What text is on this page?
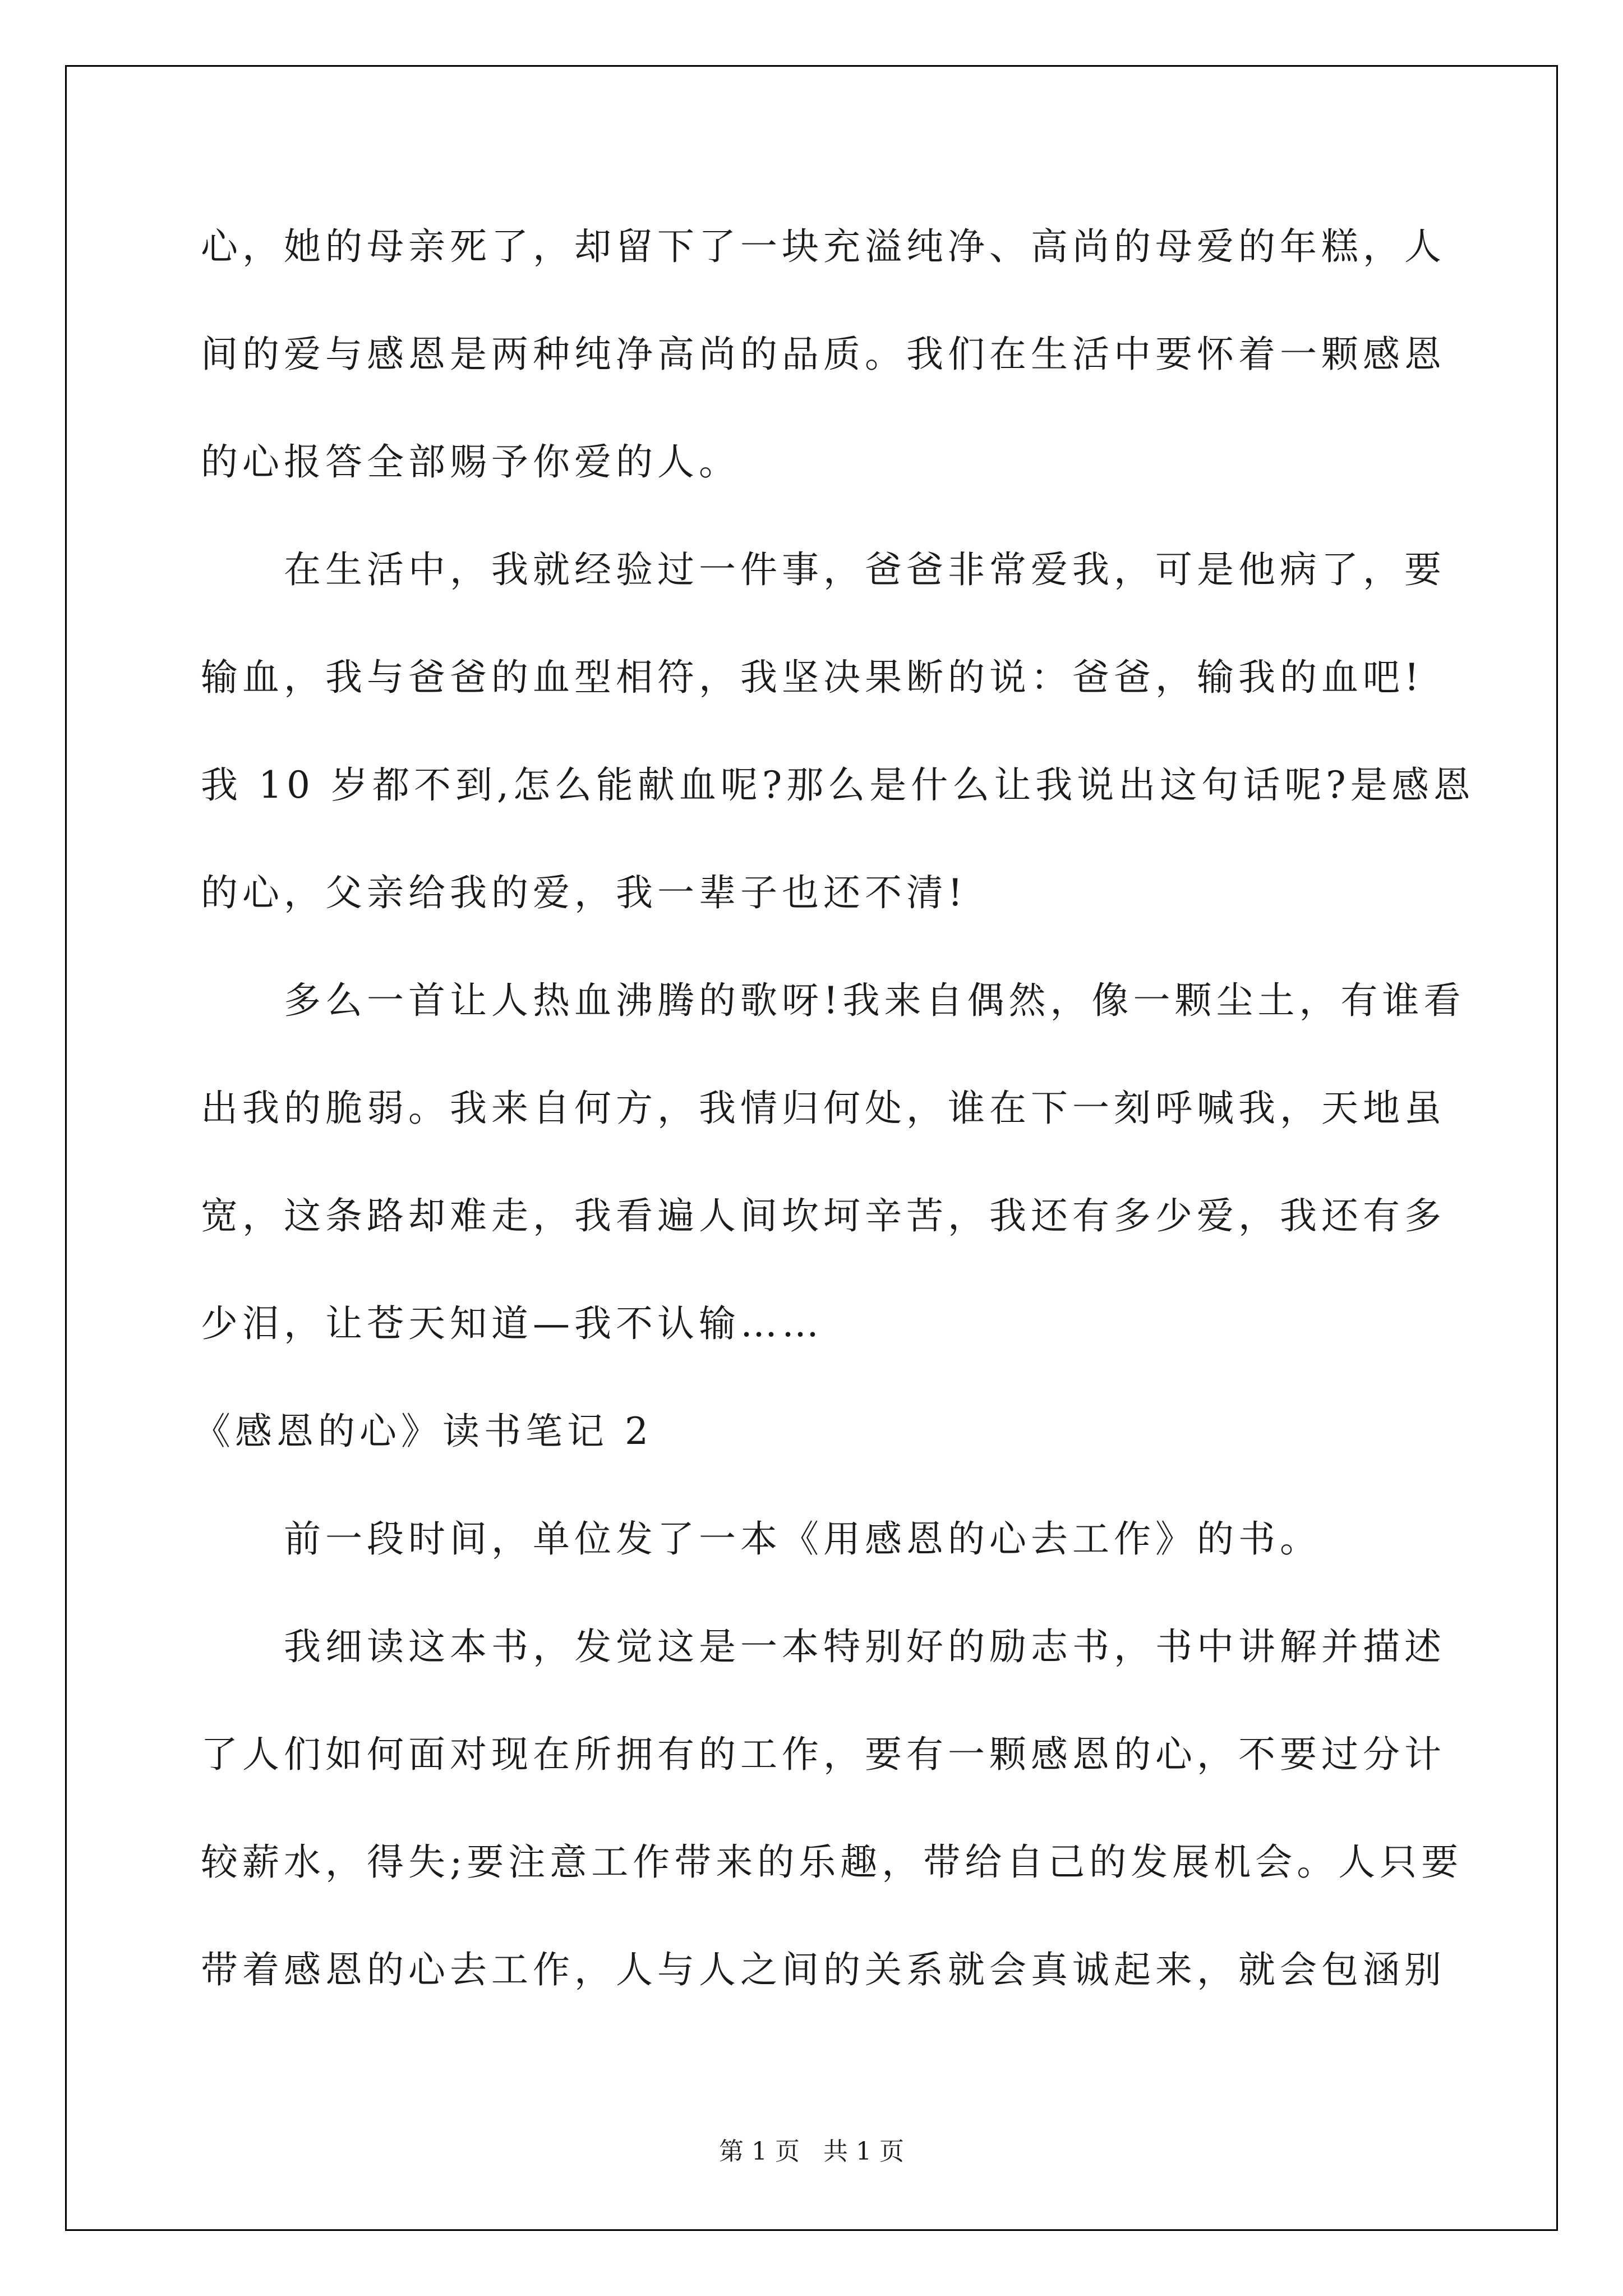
心，她的母亲死了，却留下了一块充溢纯净、高尚的母爱的年糕，人
间的爱与感恩是两种纯净高尚的品质。我们在生活中要怀着一颗感恩
的心报答全部赐予你爱的人。
在生活中，我就经验过一件事，爸爸非常爱我，可是他病了，要
输血，我与爸爸的血型相符，我坚决果断的说：爸爸，输我的血吧!
我 10 岁都不到,怎么能献血呢?那么是什么让我说出这句话呢?是感恩
的心，父亲给我的爱，我一辈子也还不清!
多么一首让人热血沸腾的歌呀!我来自偶然，像一颗尘土，有谁看
出我的脆弱。我来自何方，我情归何处，谁在下一刻呼喊我，天地虽
宽，这条路却难走，我看遍人间坎坷辛苦，我还有多少爱，我还有多
少泪，让苍天知道—我不认输……
《感恩的心》读书笔记 2
前一段时间，单位发了一本《用感恩的心去工作》的书。
我细读这本书，发觉这是一本特别好的励志书，书中讲解并描述
了人们如何面对现在所拥有的工作，要有一颗感恩的心，不要过分计
较薪水，得失;要注意工作带来的乐趣，带给自己的发展机会。人只要
带着感恩的心去工作，人与人之间的关系就会真诚起来，就会包涵别
第 1 页   共 1 页
